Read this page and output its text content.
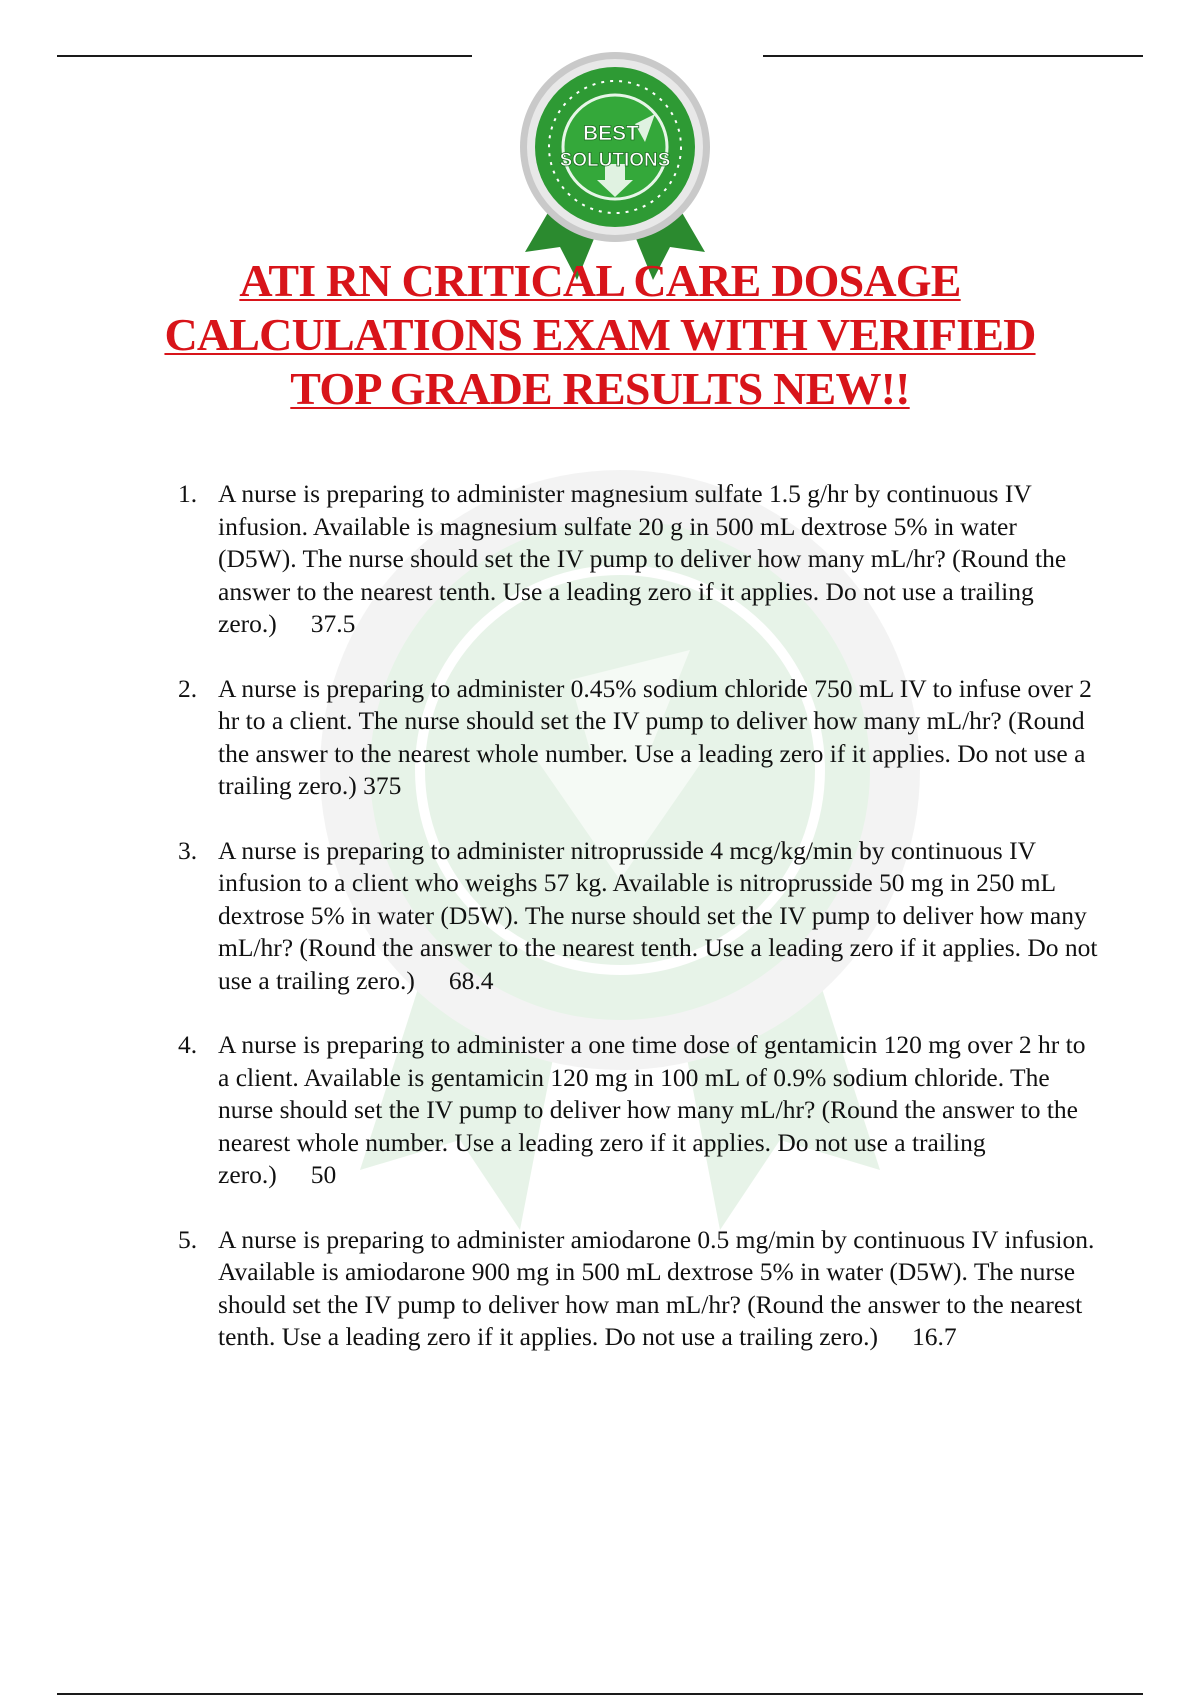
BEST
SOLUTIONS
ATI RN CRITICAL CARE DOSAGE
CALCULATIONS EXAM WITH VERIFIED
TOP GRADE RESULTS NEW!!
1. A nurse is preparing to administer magnesium sulfate 1.5 g/hr by continuous IV infusion. Available is magnesium sulfate 20 g in 500 mL dextrose 5% in water (D5W). The nurse should set the IV pump to deliver how many mL/hr? (Round the answer to the nearest tenth. Use a leading zero if it applies. Do not use a trailing zero.) 37.5
2. A nurse is preparing to administer 0.45% sodium chloride 750 mL IV to infuse over 2 hr to a client. The nurse should set the IV pump to deliver how many mL/hr? (Round the answer to the nearest whole number. Use a leading zero if it applies. Do not use a trailing zero.) 375
3. A nurse is preparing to administer nitroprusside 4 mcg/kg/min by continuous IV infusion to a client who weighs 57 kg. Available is nitroprusside 50 mg in 250 mL dextrose 5% in water (D5W). The nurse should set the IV pump to deliver how many mL/hr? (Round the answer to the nearest tenth. Use a leading zero if it applies. Do not use a trailing zero.) 68.4
4. A nurse is preparing to administer a one time dose of gentamicin 120 mg over 2 hr to a client. Available is gentamicin 120 mg in 100 mL of 0.9% sodium chloride. The nurse should set the IV pump to deliver how many mL/hr? (Round the answer to the nearest whole number. Use a leading zero if it applies. Do not use a trailing zero.) 50
5. A nurse is preparing to administer amiodarone 0.5 mg/min by continuous IV infusion. Available is amiodarone 900 mg in 500 mL dextrose 5% in water (D5W). The nurse should set the IV pump to deliver how man mL/hr? (Round the answer to the nearest tenth. Use a leading zero if it applies. Do not use a trailing zero.) 16.7
